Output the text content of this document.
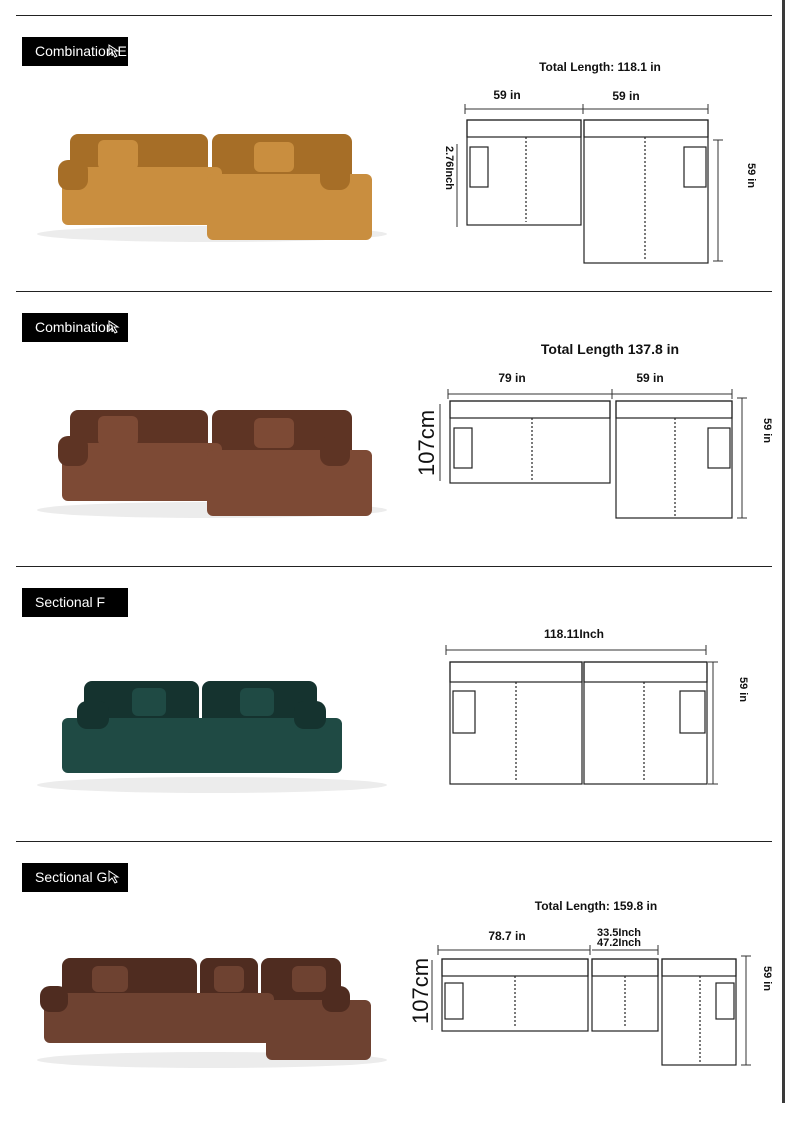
Combination E
Total Length: 118.1 in
59 in	59 in
59 in
2.76Inch
Combination
Total Length 137.8 in
79 in	59 in
59 in
107cm
Sectional F
118.11Inch
59 in
Sectional G
Total Length: 159.8 in
78.7 in	33.5Inch
47.2Inch
59 in
107cm
